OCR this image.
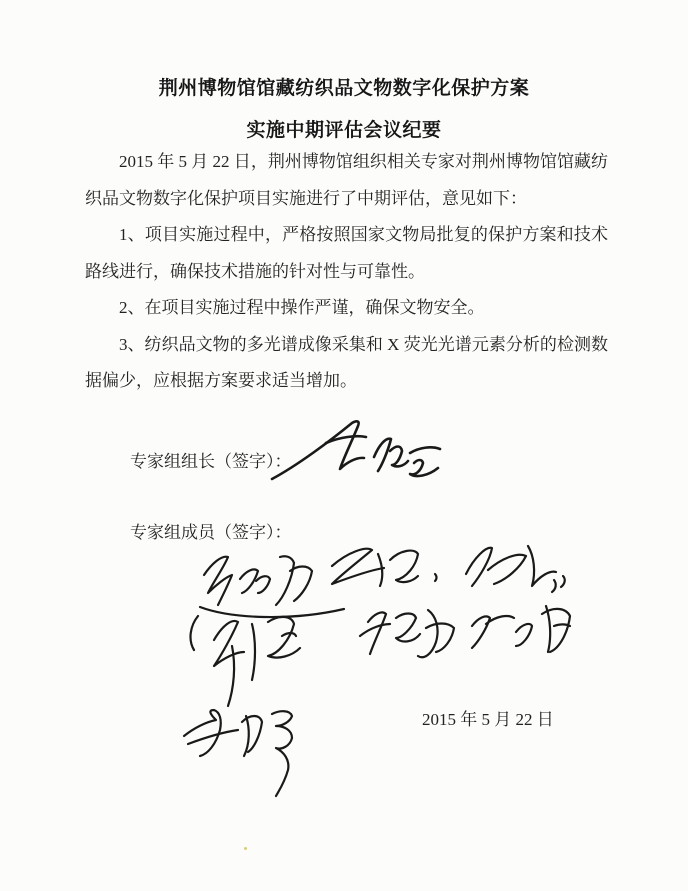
荆州博物馆馆藏纺织品文物数字化保护方案
实施中期评估会议纪要

2015 年 5 月 22 日，荆州博物馆组织相关专家对荆州博物馆馆藏纺织品文物数字化保护项目实施进行了中期评估，意见如下：

1、项目实施过程中，严格按照国家文物局批复的保护方案和技术路线进行，确保技术措施的针对性与可靠性。

2、在项目实施过程中操作严谨，确保文物安全。

3、纺织品文物的多光谱成像采集和 X 荧光光谱元素分析的检测数据偏少，应根据方案要求适当增加。

专家组组长（签字）：
专家组成员（签字）：
2015 年 5 月 22 日
